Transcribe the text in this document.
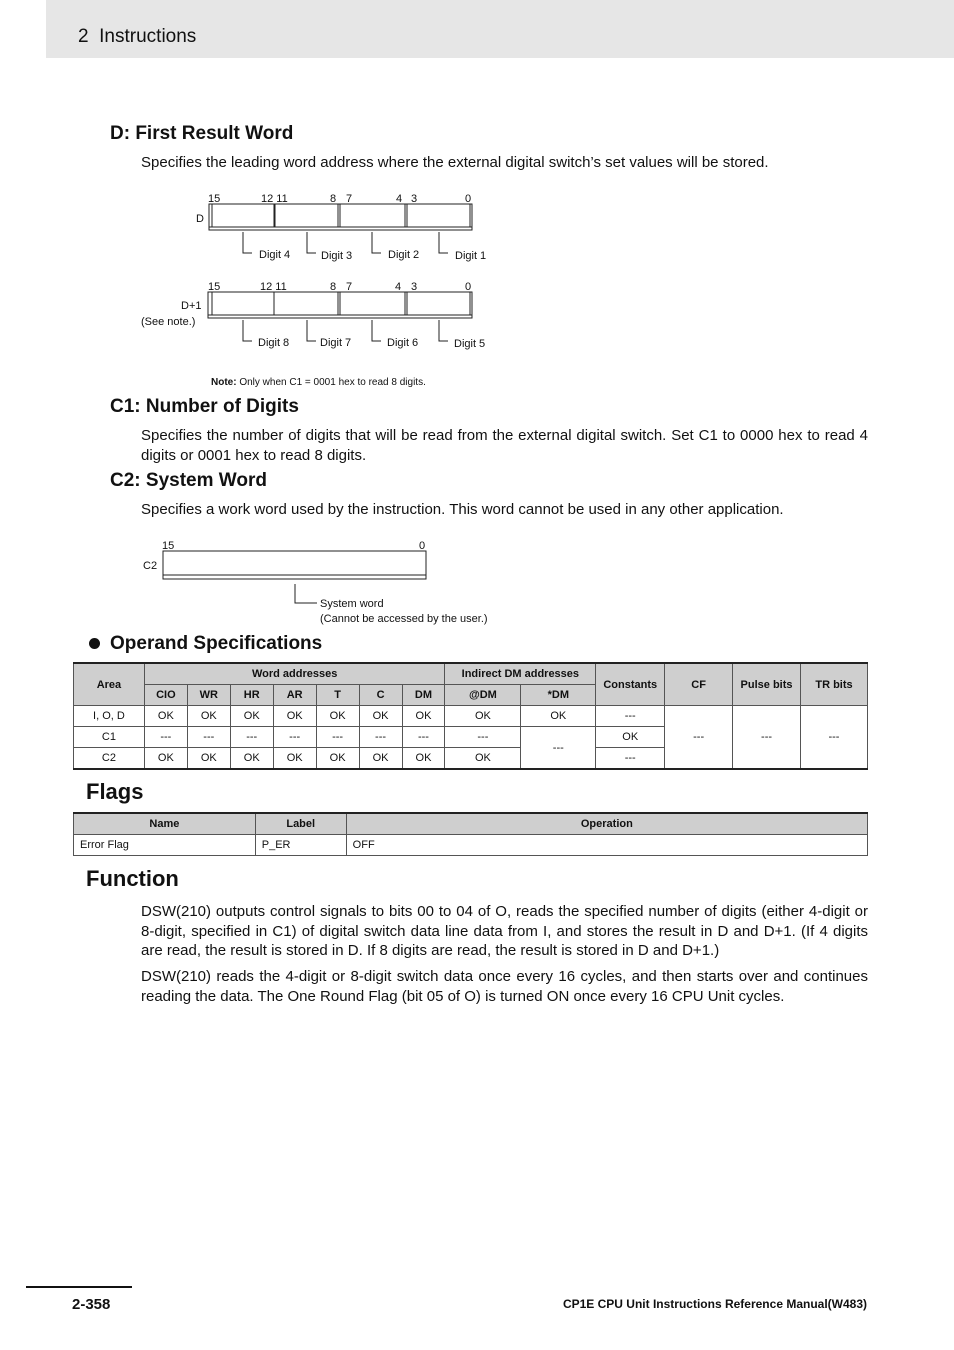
2 Instructions
D: First Result Word
Specifies the leading word address where the external digital switch’s set values will be stored.
15	12 11	8 7	4 3	0
D
Digit 4	Digit 3	Digit 2	Digit 1
15	12 11	8 7	4 3	0
D+1
(See note.)
Digit 8	Digit 7	Digit 6	Digit 5
Note: Only when C1 = 0001 hex to read 8 digits.
C1: Number of Digits
Specifies the number of digits that will be read from the external digital switch. Set C1 to 0000 hex to read 4 digits or 0001 hex to read 8 digits.
C2: System Word
Specifies a work word used by the instruction. This word cannot be used in any other application.
15	0
C2
System word
(Cannot be accessed by the user.)
Operand Specifications
Area	Word addresses							Indirect DM addresses		Constants	CF	Pulse bits	TR bits
	CIO	WR	HR	AR	T	C	DM	@DM	*DM				
I, O, D	OK	OK	OK	OK	OK	OK	OK	OK	OK	---	---	---	---
C1	---	---	---	---	---	---	---	---	---	OK			
C2	OK	OK	OK	OK	OK	OK	OK	OK		---			
Flags
Name	Label	Operation
Error Flag	P_ER	OFF
Function
DSW(210) outputs control signals to bits 00 to 04 of O, reads the specified number of digits (either 4-digit or 8-digit, specified in C1) of digital switch data line data from I, and stores the result in D and D+1. (If 4 digits are read, the result is stored in D. If 8 digits are read, the result is stored in D and D+1.)
DSW(210) reads the 4-digit or 8-digit switch data once every 16 cycles, and then starts over and continues reading the data. The One Round Flag (bit 05 of O) is turned ON once every 16 CPU Unit cycles.
2-358	CP1E CPU Unit Instructions Reference Manual(W483)
